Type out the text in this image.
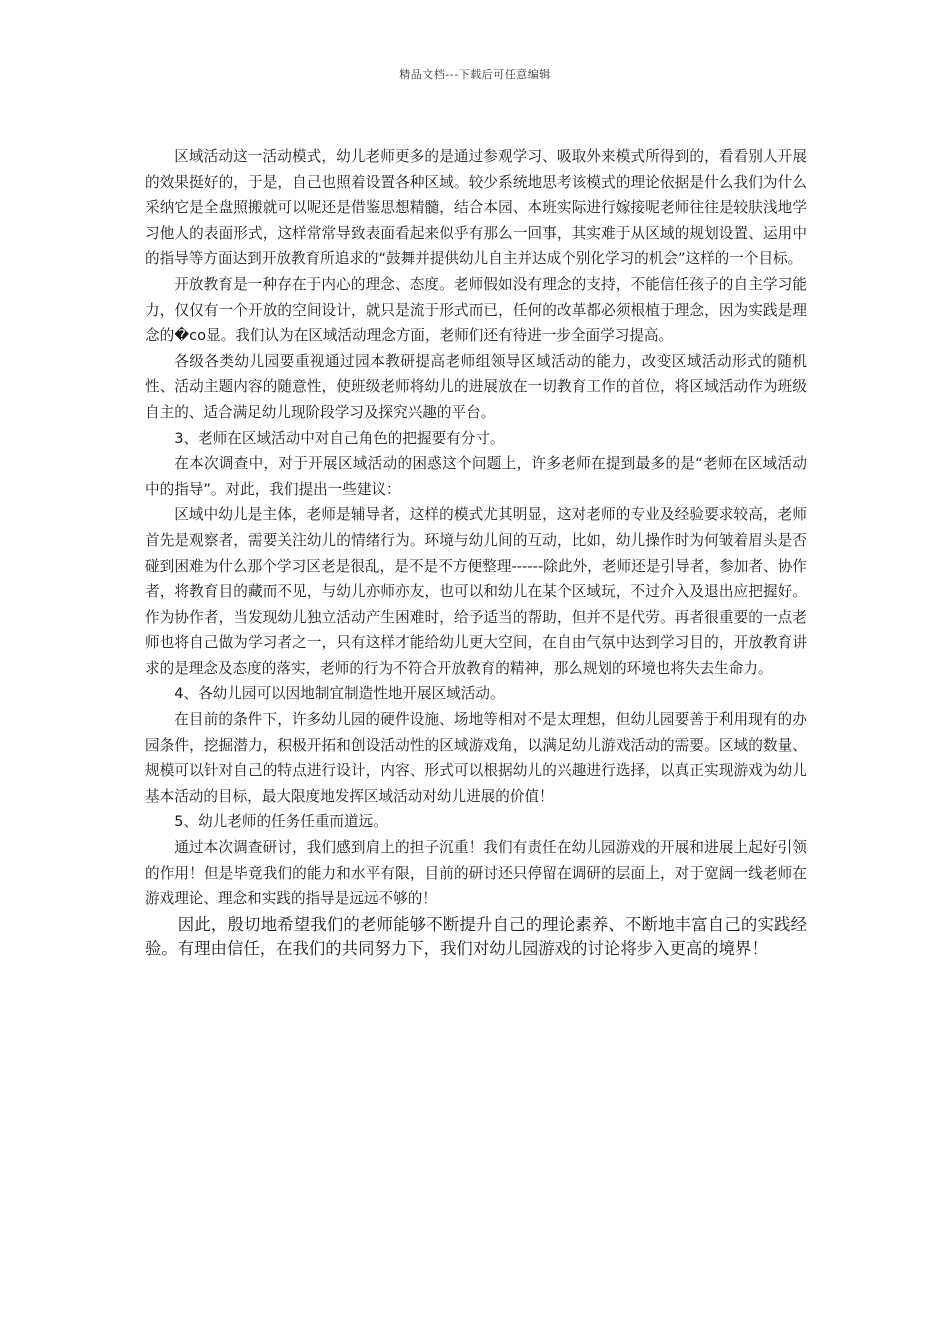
精品文档---下载后可任意编辑

区域活动这一活动模式，幼儿老师更多的是通过参观学习、吸取外来模式所得到的，看看别人开展的效果挺好的，于是，自己也照着设置各种区域。较少系统地思考该模式的理论依据是什么我们为什么采纳它是全盘照搬就可以呢还是借鉴思想精髓，结合本园、本班实际进行嫁接呢老师往往是较肤浅地学习他人的表面形式，这样常常导致表面看起来似乎有那么一回事，其实难于从区域的规划设置、运用中的指导等方面达到开放教育所追求的“鼓舞并提供幼儿自主并达成个别化学习的机会”这样的一个目标。

开放教育是一种存在于内心的理念、态度。老师假如没有理念的支持，不能信任孩子的自主学习能力，仅仅有一个开放的空间设计，就只是流于形式而已，任何的改革都必须根植于理念，因为实践是理念的�co显。我们认为在区域活动理念方面，老师们还有待进一步全面学习提高。

各级各类幼儿园要重视通过园本教研提高老师组领导区域活动的能力，改变区域活动形式的随机性、活动主题内容的随意性，使班级老师将幼儿的进展放在一切教育工作的首位，将区域活动作为班级自主的、适合满足幼儿现阶段学习及探究兴趣的平台。

3、老师在区域活动中对自己角色的把握要有分寸。

在本次调查中，对于开展区域活动的困惑这个问题上，许多老师在提到最多的是“老师在区域活动中的指导”。对此，我们提出一些建议：

区域中幼儿是主体，老师是辅导者，这样的模式尤其明显，这对老师的专业及经验要求较高，老师首先是观察者，需要关注幼儿的情绪行为。环境与幼儿间的互动，比如，幼儿操作时为何皱着眉头是否碰到困难为什么那个学习区老是很乱，是不是不方便整理------除此外，老师还是引导者，参加者、协作者，将教育目的藏而不见，与幼儿亦师亦友，也可以和幼儿在某个区域玩，不过介入及退出应把握好。作为协作者，当发现幼儿独立活动产生困难时，给予适当的帮助，但并不是代劳。再者很重要的一点老师也将自己做为学习者之一，只有这样才能给幼儿更大空间，在自由气氛中达到学习目的，开放教育讲求的是理念及态度的落实，老师的行为不符合开放教育的精神，那么规划的环境也将失去生命力。

4、各幼儿园可以因地制宜制造性地开展区域活动。

在目前的条件下，许多幼儿园的硬件设施、场地等相对不是太理想，但幼儿园要善于利用现有的办园条件，挖掘潜力，积极开拓和创设活动性的区域游戏角，以满足幼儿游戏活动的需要。区域的数量、规模可以针对自己的特点进行设计，内容、形式可以根据幼儿的兴趣进行选择，以真正实现游戏为幼儿基本活动的目标，最大限度地发挥区域活动对幼儿进展的价值！

5、幼儿老师的任务任重而道远。

通过本次调查研讨，我们感到肩上的担子沉重！我们有责任在幼儿园游戏的开展和进展上起好引领的作用！但是毕竟我们的能力和水平有限，目前的研讨还只停留在调研的层面上，对于宽阔一线老师在游戏理论、理念和实践的指导是远远不够的！

因此，殷切地希望我们的老师能够不断提升自己的理论素养、不断地丰富自己的实践经验。有理由信任，在我们的共同努力下，我们对幼儿园游戏的讨论将步入更高的境界！
